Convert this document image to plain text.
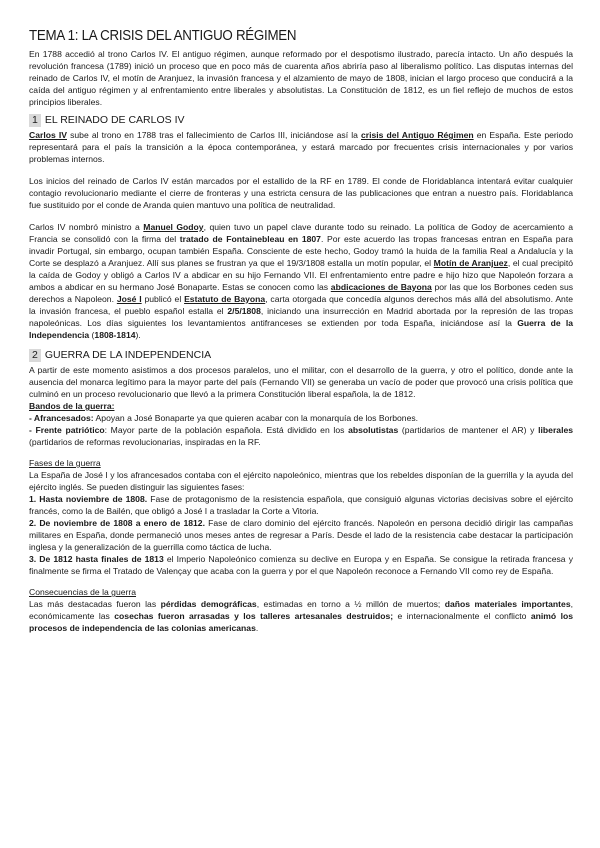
TEMA 1: LA CRISIS DEL ANTIGUO RÉGIMEN

En 1788 accedió al trono Carlos IV. El antiguo régimen, aunque reformado por el despotismo ilustrado, parecía intacto. Un año después la revolución francesa (1789) inició un proceso que en poco más de cuarenta años abriría paso al liberalismo político. Las disputas internas del reinado de Carlos IV, el motín de Aranjuez, la invasión francesa y el alzamiento de mayo de 1808, inician el largo proceso que conducirá a la caída del antiguo régimen y al enfrentamiento entre liberales y absolutistas. La Constitución de 1812, es un fiel reflejo de muchos de estos principios liberales.

1 EL REINADO DE CARLOS IV

Carlos IV sube al trono en 1788 tras el fallecimiento de Carlos III, iniciándose así la crisis del Antiguo Régimen en España. Este periodo representará para el país la transición a la época contemporánea, y estará marcado por frecuentes crisis internacionales y por varios problemas internos.

Los inicios del reinado de Carlos IV están marcados por el estallido de la RF en 1789. El conde de Floridablanca intentará evitar cualquier contagio revolucionario mediante el cierre de fronteras y una estricta censura de las publicaciones que entran a nuestro país. Floridablanca fue sustituido por el conde de Aranda quien mantuvo una política de neutralidad.

Carlos IV nombró ministro a Manuel Godoy, quien tuvo un papel clave durante todo su reinado. La política de Godoy de acercamiento a Francia se consolidó con la firma del tratado de Fontainebleau en 1807. Por este acuerdo las tropas francesas entran en España para invadir Portugal, sin embargo, ocupan también España. Consciente de este hecho, Godoy tramó la huida de la familia Real a Andalucía y la Corte se desplazó a Aranjuez. Allí sus planes se frustran ya que el 19/3/1808 estalla un motín popular, el Motín de Aranjuez, el cual precipitó la caída de Godoy y obligó a Carlos IV a abdicar en su hijo Fernando VII. El enfrentamiento entre padre e hijo hizo que Napoleón forzara a ambos a abdicar en su hermano José Bonaparte. Estas se conocen como las abdicaciones de Bayona por las que los Borbones ceden sus derechos a Napoleon. José I publicó el Estatuto de Bayona, carta otorgada que concedía algunos derechos más allá del absolutismo. Ante la invasión francesa, el pueblo español estalla el 2/5/1808, iniciando una insurrección en Madrid abortada por la represión de las tropas napoleónicas. Los días siguientes los levantamientos antifranceses se extienden por toda España, iniciándose así la Guerra de la Independencia (1808-1814).

2 GUERRA DE LA INDEPENDENCIA

A partir de este momento asistimos a dos procesos paralelos, uno el militar, con el desarrollo de la guerra, y otro el político, donde ante la ausencia del monarca legítimo para la mayor parte del país (Fernando VII) se generaba un vacío de poder que provocó una crisis política que culminó en un proceso revolucionario que llevó a la primera Constitución liberal española, la de 1812.

Bandos de la guerra:

- Afrancesados: Apoyan a José Bonaparte ya que quieren acabar con la monarquía de los Borbones.

- Frente patriótico: Mayor parte de la población española. Está dividido en los absolutistas (partidarios de mantener el AR) y liberales (partidarios de reformas revolucionarias, inspiradas en la RF.

Fases de la guerra

La España de José I y los afrancesados contaba con el ejército napoleónico, mientras que los rebeldes disponían de la guerrilla y la ayuda del ejército inglés. Se pueden distinguir las siguientes fases:

1. Hasta noviembre de 1808. Fase de protagonismo de la resistencia española, que consiguió algunas victorias decisivas sobre el ejército francés, como la de Bailén, que obligó a José I a trasladar la Corte a Vitoria.

2. De noviembre de 1808 a enero de 1812. Fase de claro dominio del ejército francés. Napoleón en persona decidió dirigir las campañas militares en España, donde permaneció unos meses antes de regresar a París. Desde el lado de la resistencia cabe destacar la participación inglesa y la generalización de la guerrilla como táctica de lucha.

3. De 1812 hasta finales de 1813 el Imperio Napoleónico comienza su declive en Europa y en España. Se consigue la retirada francesa y finalmente se firma el Tratado de Valençay que acaba con la guerra y por el que Napoleón reconoce a Fernando VII como rey de España.

Consecuencias de la guerra

Las más destacadas fueron las pérdidas demográficas, estimadas en torno a ½ millón de muertos; daños materiales importantes, económicamente las cosechas fueron arrasadas y los talleres artesanales destruidos; e internacionalmente el conflicto animó los procesos de independencia de las colonias americanas.
